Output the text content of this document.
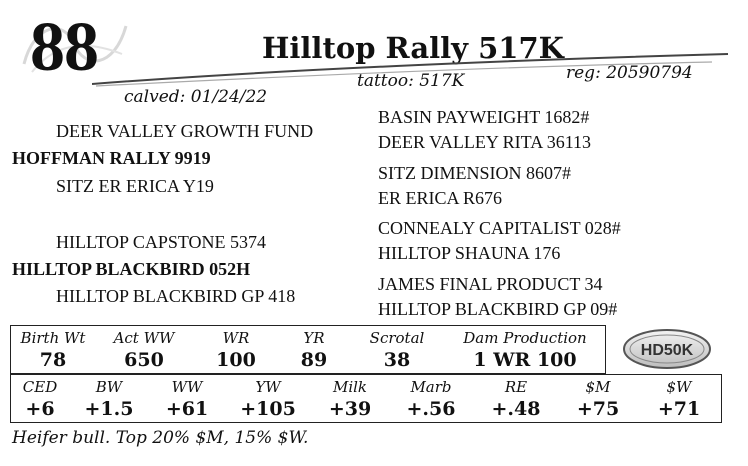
88	Hilltop Rally 517K
reg: 20590794
tattoo: 517K
calved: 01/24/22
DEER VALLEY GROWTH FUND
HOFFMAN RALLY 9919
SITZ ER ERICA Y19
HILLTOP CAPSTONE 5374
HILLTOP BLACKBIRD 052H
HILLTOP BLACKBIRD GP 418
BASIN PAYWEIGHT 1682#
DEER VALLEY RITA 36113
SITZ DIMENSION 8607#
ER ERICA R676
CONNEALY CAPITALIST 028#
HILLTOP SHAUNA 176
JAMES FINAL PRODUCT 34
HILLTOP BLACKBIRD GP 09#
Birth Wt	Act WW	WR	YR	Scrotal	Dam Production
78	650	100	89	38	1 WR 100	HD50K
CED	BW	WW	YW	Milk	Marb	RE	$M	$W
+6	+1.5	+61	+105	+39	+.56	+.48	+75	+71
Heifer bull. Top 20% $M, 15% $W.
